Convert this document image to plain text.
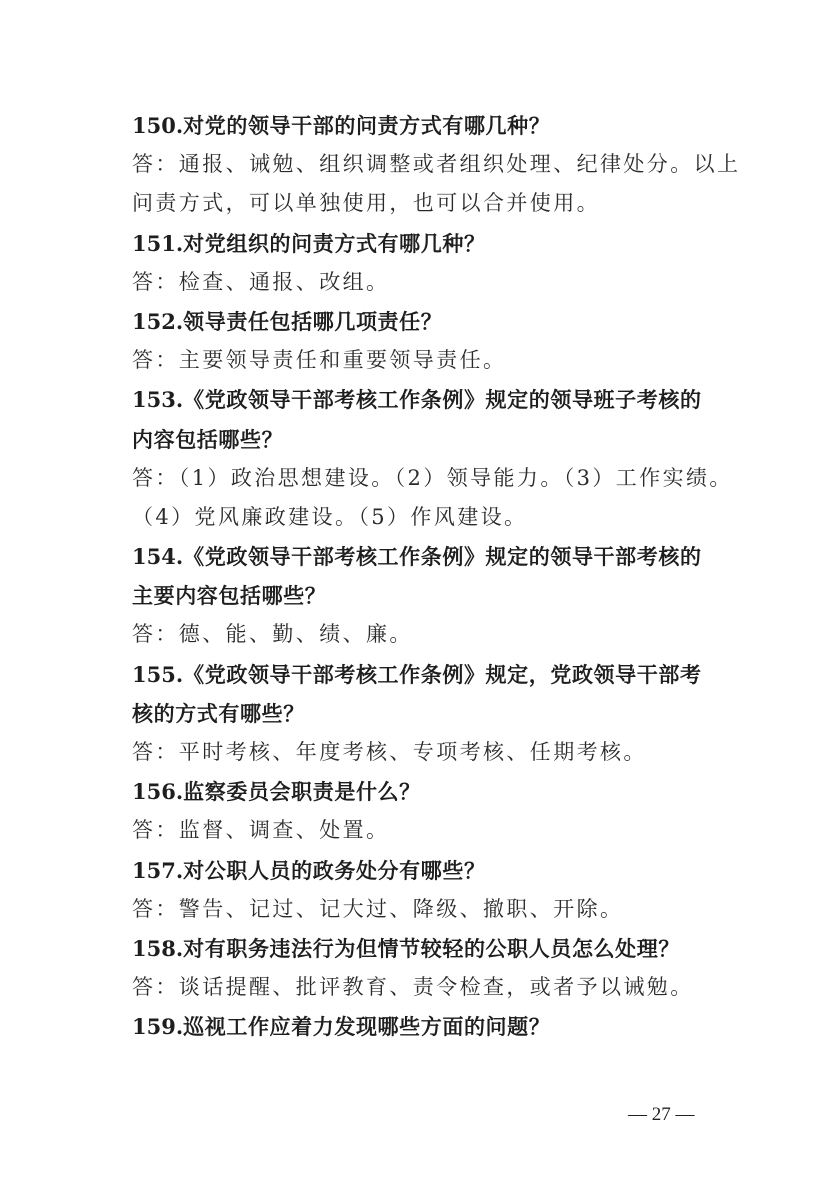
150.对党的领导干部的问责方式有哪几种？
答：通报、诫勉、组织调整或者组织处理、纪律处分。以上
问责方式，可以单独使用，也可以合并使用。
151.对党组织的问责方式有哪几种？
答：检查、通报、改组。
152.领导责任包括哪几项责任？
答：主要领导责任和重要领导责任。
153.《党政领导干部考核工作条例》规定的领导班子考核的
内容包括哪些？
答：（1）政治思想建设。（2）领导能力。（3）工作实绩。
（4）党风廉政建设。（5）作风建设。
154.《党政领导干部考核工作条例》规定的领导干部考核的
主要内容包括哪些？
答：德、能、勤、绩、廉。
155.《党政领导干部考核工作条例》规定，党政领导干部考
核的方式有哪些？
答：平时考核、年度考核、专项考核、任期考核。
156.监察委员会职责是什么？
答：监督、调查、处置。
157.对公职人员的政务处分有哪些？
答：警告、记过、记大过、降级、撤职、开除。
158.对有职务违法行为但情节较轻的公职人员怎么处理？
答：谈话提醒、批评教育、责令检查，或者予以诫勉。
159.巡视工作应着力发现哪些方面的问题？
— 27 —
